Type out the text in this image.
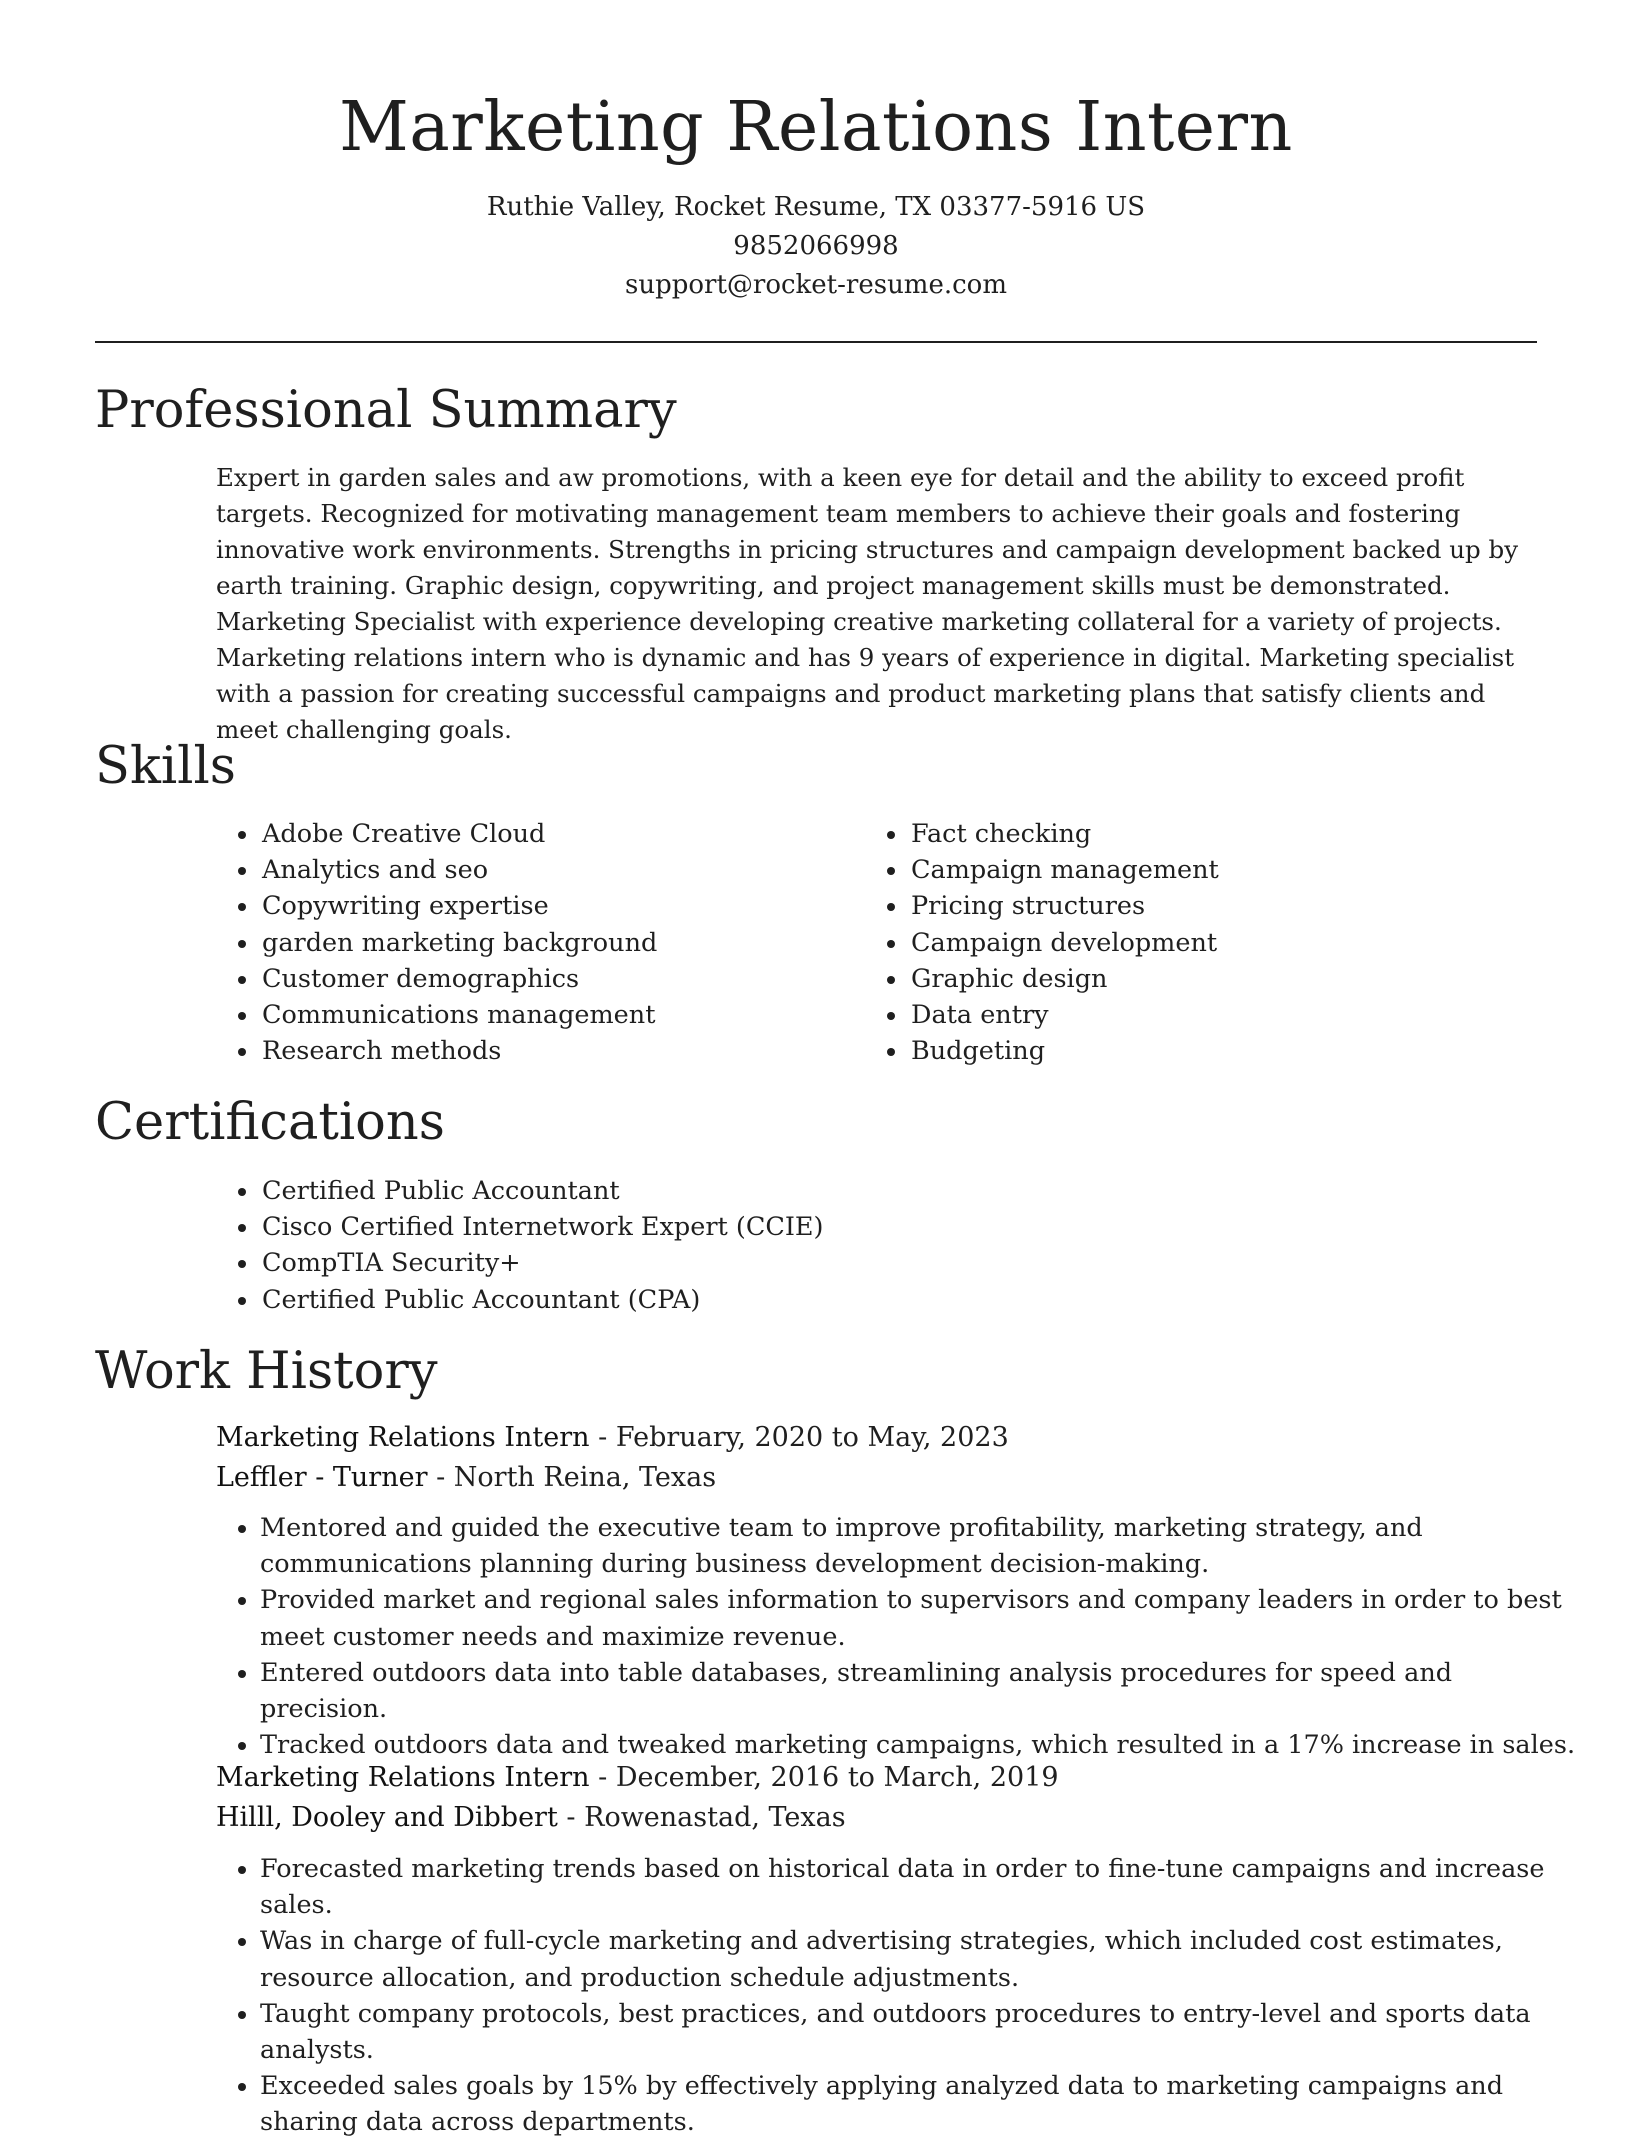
Marketing Relations Intern
Ruthie Valley, Rocket Resume, TX 03377-5916 US
9852066998
support@rocket-resume.com
Professional Summary

Expert in garden sales and aw promotions, with a keen eye for detail and the ability to exceed profit targets. Recognized for motivating management team members to achieve their goals and fostering innovative work environments. Strengths in pricing structures and campaign development backed up by earth training. Graphic design, copywriting, and project management skills must be demonstrated. Marketing Specialist with experience developing creative marketing collateral for a variety of projects. Marketing relations intern who is dynamic and has 9 years of experience in digital. Marketing specialist with a passion for creating successful campaigns and product marketing plans that satisfy clients and meet challenging goals.

Skills
• Adobe Creative Cloud
• Analytics and seo
• Copywriting expertise
• garden marketing background
• Customer demographics
• Communications management
• Research methods
• Fact checking
• Campaign management
• Pricing structures
• Campaign development
• Graphic design
• Data entry
• Budgeting
Certifications
• Certified Public Accountant
• Cisco Certified Internetwork Expert (CCIE)
• CompTIA Security+
• Certified Public Accountant (CPA)
Work History
Marketing Relations Intern - February, 2020 to May, 2023
Leffler - Turner - North Reina, Texas
• Mentored and guided the executive team to improve profitability, marketing strategy, and communications planning during business development decision-making.
• Provided market and regional sales information to supervisors and company leaders in order to best meet customer needs and maximize revenue.
• Entered outdoors data into table databases, streamlining analysis procedures for speed and precision.
• Tracked outdoors data and tweaked marketing campaigns, which resulted in a 17% increase in sales.
Marketing Relations Intern - December, 2016 to March, 2019
Hilll, Dooley and Dibbert - Rowenastad, Texas
• Forecasted marketing trends based on historical data in order to fine-tune campaigns and increase sales.
• Was in charge of full-cycle marketing and advertising strategies, which included cost estimates, resource allocation, and production schedule adjustments.
• Taught company protocols, best practices, and outdoors procedures to entry-level and sports data analysts.
• Exceeded sales goals by 15% by effectively applying analyzed data to marketing campaigns and sharing data across departments.
